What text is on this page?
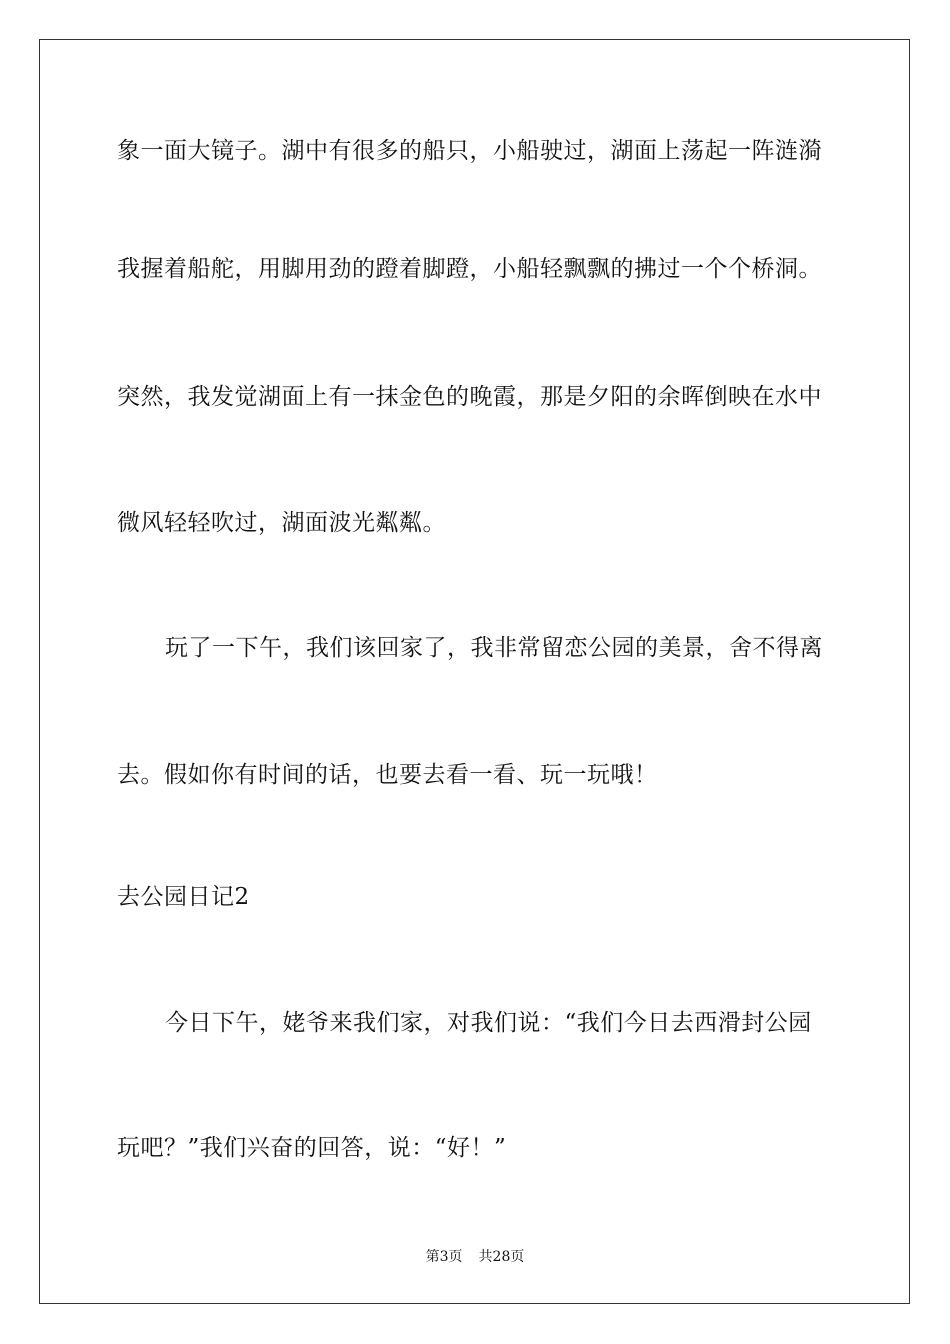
象一面大镜子。湖中有很多的船只，小船驶过，湖面上荡起一阵涟漪
我握着船舵，用脚用劲的蹬着脚蹬，小船轻飘飘的拂过一个个桥洞。
突然，我发觉湖面上有一抹金色的晚霞，那是夕阳的余晖倒映在水中
微风轻轻吹过，湖面波光粼粼。
玩了一下午，我们该回家了，我非常留恋公园的美景，舍不得离
去。假如你有时间的话，也要去看一看、玩一玩哦！
去公园日记2
今日下午，姥爷来我们家，对我们说：“我们今日去西滑封公园
玩吧？”我们兴奋的回答，说：“好！”
第3页 共28页
